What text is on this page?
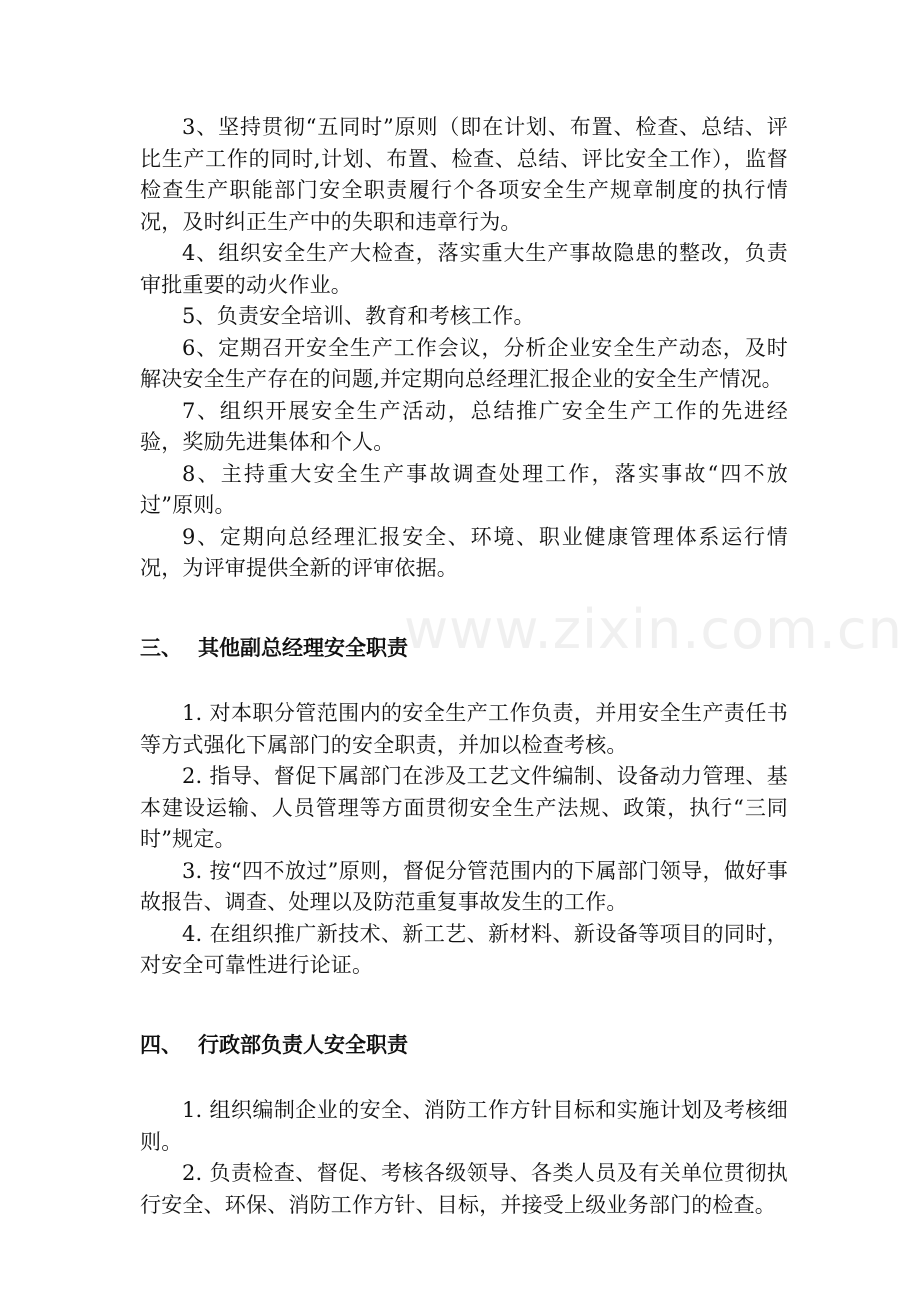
www.zixin.com.cn

3、坚持贯彻“五同时”原则（即在计划、布置、检查、总结、评比生产工作的同时,计划、布置、检查、总结、评比安全工作），监督检查生产职能部门安全职责履行个各项安全生产规章制度的执行情况，及时纠正生产中的失职和违章行为。

4、组织安全生产大检查，落实重大生产事故隐患的整改，负责审批重要的动火作业。

5、负责安全培训、教育和考核工作。

6、定期召开安全生产工作会议，分析企业安全生产动态，及时解决安全生产存在的问题,并定期向总经理汇报企业的安全生产情况。

7、组织开展安全生产活动，总结推广安全生产工作的先进经验，奖励先进集体和个人。

8、主持重大安全生产事故调查处理工作，落实事故“四不放过”原则。

9、定期向总经理汇报安全、环境、职业健康管理体系运行情况，为评审提供全新的评审依据。

三、 其他副总经理安全职责

1. 对本职分管范围内的安全生产工作负责，并用安全生产责任书等方式强化下属部门的安全职责，并加以检查考核。

2. 指导、督促下属部门在涉及工艺文件编制、设备动力管理、基本建设运输、人员管理等方面贯彻安全生产法规、政策，执行“三同时”规定。

3. 按“四不放过”原则，督促分管范围内的下属部门领导，做好事故报告、调查、处理以及防范重复事故发生的工作。

4. 在组织推广新技术、新工艺、新材料、新设备等项目的同时，对安全可靠性进行论证。

四、 行政部负责人安全职责

1. 组织编制企业的安全、消防工作方针目标和实施计划及考核细则。

2. 负责检查、督促、考核各级领导、各类人员及有关单位贯彻执行安全、环保、消防工作方针、目标，并接受上级业务部门的检查。
